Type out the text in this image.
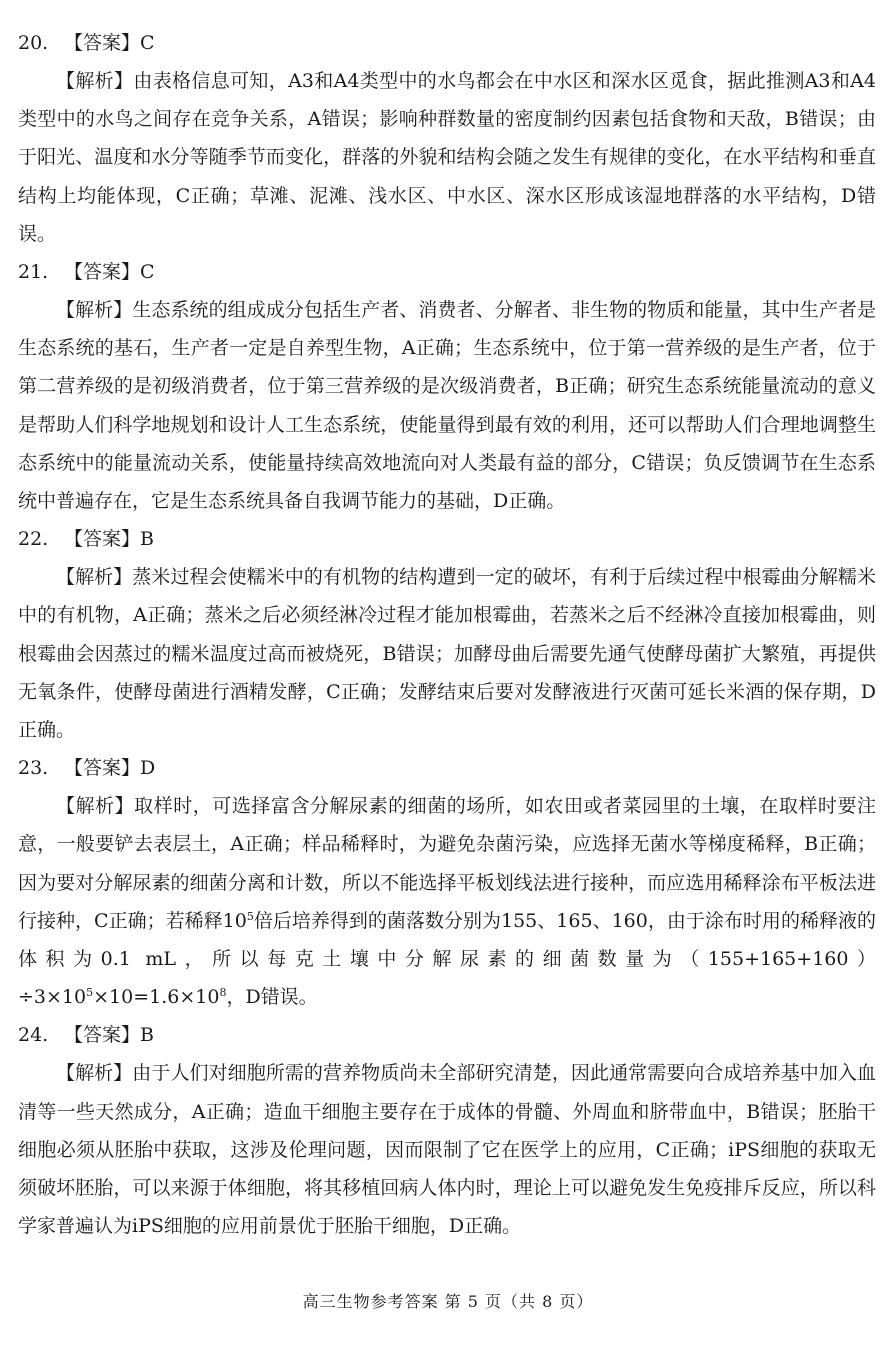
20. 【答案】C

【解析】由表格信息可知，A3和A4类型中的水鸟都会在中水区和深水区觅食，据此推测A3和A4类型中的水鸟之间存在竞争关系，A错误；影响种群数量的密度制约因素包括食物和天敌，B错误；由于阳光、温度和水分等随季节而变化，群落的外貌和结构会随之发生有规律的变化，在水平结构和垂直结构上均能体现，C正确；草滩、泥滩、浅水区、中水区、深水区形成该湿地群落的水平结构，D错误。

21. 【答案】C

【解析】生态系统的组成成分包括生产者、消费者、分解者、非生物的物质和能量，其中生产者是生态系统的基石，生产者一定是自养型生物，A正确；生态系统中，位于第一营养级的是生产者，位于第二营养级的是初级消费者，位于第三营养级的是次级消费者，B正确；研究生态系统能量流动的意义是帮助人们科学地规划和设计人工生态系统，使能量得到最有效的利用，还可以帮助人们合理地调整生态系统中的能量流动关系，使能量持续高效地流向对人类最有益的部分，C错误；负反馈调节在生态系统中普遍存在，它是生态系统具备自我调节能力的基础，D正确。

22. 【答案】B

【解析】蒸米过程会使糯米中的有机物的结构遭到一定的破坏，有利于后续过程中根霉曲分解糯米中的有机物，A正确；蒸米之后必须经淋冷过程才能加根霉曲，若蒸米之后不经淋冷直接加根霉曲，则根霉曲会因蒸过的糯米温度过高而被烧死，B错误；加酵母曲后需要先通气使酵母菌扩大繁殖，再提供无氧条件，使酵母菌进行酒精发酵，C正确；发酵结束后要对发酵液进行灭菌可延长米酒的保存期，D正确。

23. 【答案】D

【解析】取样时，可选择富含分解尿素的细菌的场所，如农田或者菜园里的土壤，在取样时要注意，一般要铲去表层土，A正确；样品稀释时，为避免杂菌污染，应选择无菌水等梯度稀释，B正确；因为要对分解尿素的细菌分离和计数，所以不能选择平板划线法进行接种，而应选用稀释涂布平板法进行接种，C正确；若稀释$10^5$倍后培养得到的菌落数分别为155、165、160，由于涂布时用的稀释液的体积为0.1 mL，所以每克土壤中分解尿素的细菌数量为$(155+165+160)\div 3\times 10^5\times 10=1.6\times 10^8$，D错误。

24. 【答案】B

【解析】由于人们对细胞所需的营养物质尚未全部研究清楚，因此通常需要向合成培养基中加入血清等一些天然成分，A正确；造血干细胞主要存在于成体的骨髓、外周血和脐带血中，B错误；胚胎干细胞必须从胚胎中获取，这涉及伦理问题，因而限制了它在医学上的应用，C正确；iPS细胞的获取无须破坏胚胎，可以来源于体细胞，将其移植回病人体内时，理论上可以避免发生免疫排斥反应，所以科学家普遍认为iPS细胞的应用前景优于胚胎干细胞，D正确。

高三生物参考答案 第 5 页（共 8 页）
